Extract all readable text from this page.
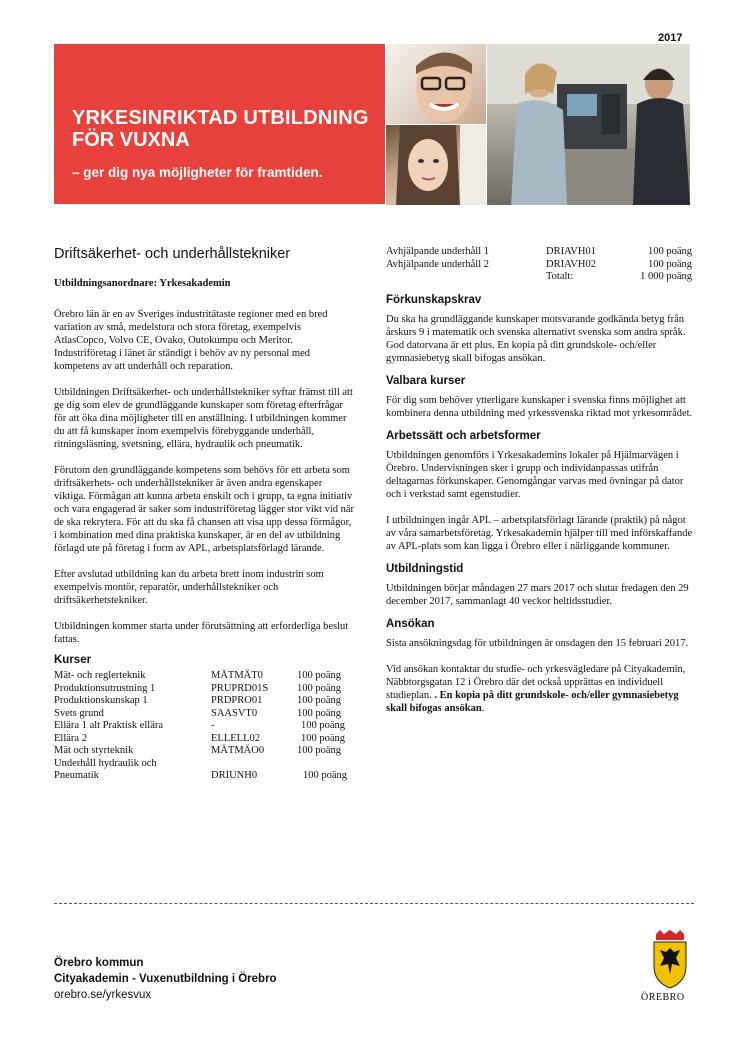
2017
YRKESINRIKTAD UTBILDNING
FÖR VUXNA
– ger dig nya möjligheter för framtiden.
Driftsäkerhet- och underhållstekniker
Utbildningsanordnare: Yrkesakademin

Örebro län är en av Sveriges industritätaste regioner med en bred variation av små, medelstora och stora företag, exempelvis AtlasCopco, Volvo CE, Ovako, Outokumpu och Meritor. Industriföretag i länet är ständigt i behöv av ny personal med kompetens av att underhåll och reparation.

Utbildningen Driftsäkerhet- och underhållstekniker syftar främst till att ge dig som elev de grundläggande kunskaper som företag efterfrågar för att öka dina möjligheter till en anställning. I utbildningen kommer du att få kunskaper inom exempelvis förebyggande underhåll, ritningsläsning, svetsning, ellära, hydraulik och pneumatik.

Förutom den grundläggande kompetens som behövs för ett arbeta som driftsäkerhets- och underhållstekniker är även andra egenskaper viktiga. Förmågan att kunna arbeta enskilt och i grupp, ta egna initiativ och vara engagerad är saker som industriföretag lägger stor vikt vid när de ska rekrytera. För att du ska få chansen att visa upp dessa förmågor, i kombination med dina praktiska kunskaper, är en del av utbildning förlagd ute på företag i form av APL, arbetsplatsförlagd lärande.

Efter avslutad utbildning kan du arbeta brett inom industrin som exempelvis montör, reparatör, underhållstekniker och driftsäkerhetstekniker.

Utbildningen kommer starta under förutsättning att erforderliga beslut fattas.

Kurser
Mät- och reglerteknik	MÄTMÄT0	100 poäng
Produktionsutrustning 1	PRUPRD01S	100 poäng
Produktionskunskap 1	PRDPRO01	100 poäng
Svets grund	SAASVT0	100 poäng
Ellära 1 alt Praktisk ellära	-	100 poäng
Ellära 2	ELLELL02	100 poäng
Mät och styrteknik	MÄTMÄO0	100 poäng
Underhåll hydraulik och		
Pneumatik	DRIUNH0	100 poäng
Avhjälpande underhåll 1	DRIAVH01	100 poäng
Avhjälpande underhåll 2	DRIAVH02	100 poäng
	Totalt:	1 000 poäng
Förkunskapskrav

Du ska ha grundläggande kunskaper motsvarande godkända betyg från årskurs 9 i matematik och svenska alternativt svenska som andra språk. God datorvana är ett plus. En kopia på ditt grundskole- och/eller gymnasiebetyg skall bifogas ansökan.

Valbara kurser

För dig som behöver ytterligare kunskaper i svenska finns möjlighet att kombinera denna utbildning med yrkessvenska riktad mot yrkesområdet.

Arbetssätt och arbetsformer

Utbildningen genomförs i Yrkesakademins lokaler på Hjälmarvägen i Örebro. Undervisningen sker i grupp och individanpassas utifrån deltagarnas förkunskaper. Genomgångar varvas med övningar på dator och i verkstad samt egenstudier.

I utbildningen ingår APL – arbetsplatsförlagt lärande (praktik) på något av våra samarbetsföretag. Yrkesakademin hjälper till med införskaffande av APL-plats som kan ligga i Örebro eller i närliggande kommuner.

Utbildningstid

Utbildningen börjar måndagen 27 mars 2017 och slutar fredagen den 29 december 2017, sammanlagt 40 veckor heltidsstudier.

Ansökan

Sista ansökningsdag för utbildningen är onsdagen den 15 februari 2017.

Vid ansökan kontaktar du studie- och yrkesvägledare på Cityakademin, Näbbtorgsgatan 12 i Örebro där det också upprättas en individuell studieplan. . En kopia på ditt grundskole- och/eller gymnasiebetyg skall bifogas ansökan.

Örebro kommun
Cityakademin - Vuxenutbildning i Örebro
orebro.se/yrkesvux	ÖREBRO
